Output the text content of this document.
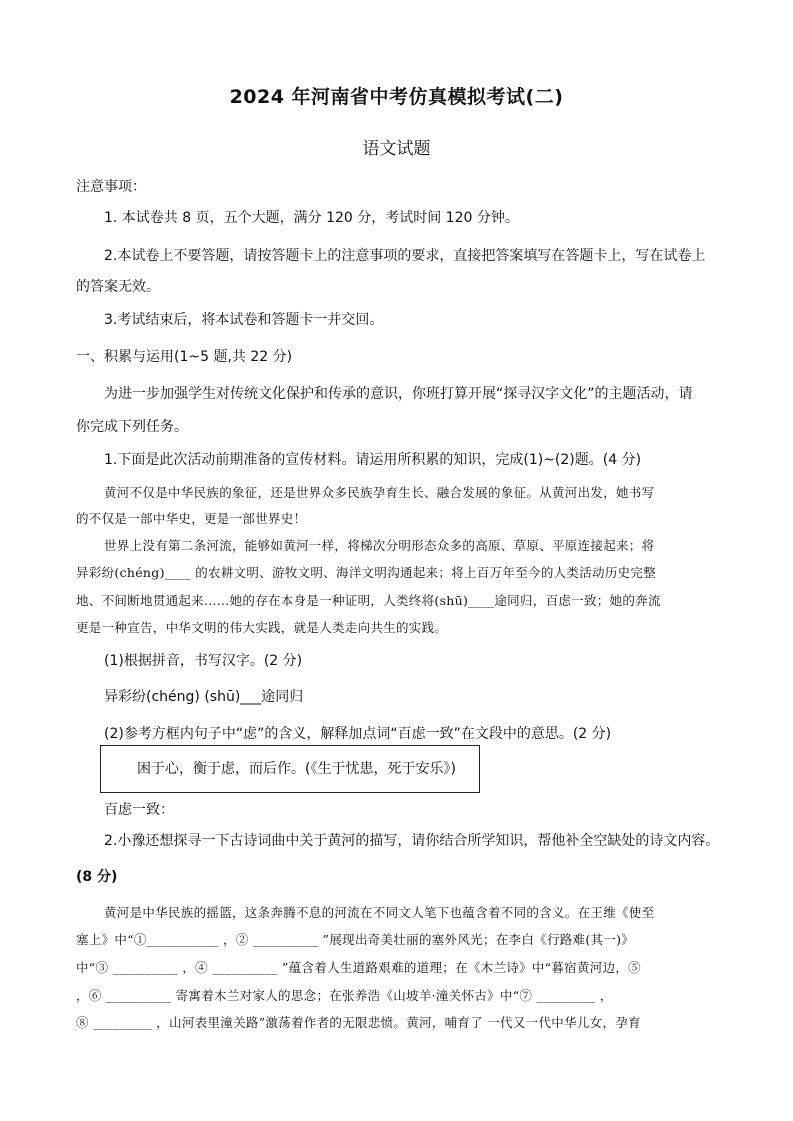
2024 年河南省中考仿真模拟考试(二)
语文试题
注意事项：
1. 本试卷共 8 页，五个大题，满分 120 分，考试时间 120 分钟。
2.本试卷上不要答题，请按答题卡上的注意事项的要求，直接把答案填写在答题卡上，写在试卷上
的答案无效。
3.考试结束后，将本试卷和答题卡一并交回。
一、积累与运用(1~5 题,共 22 分)
为进一步加强学生对传统文化保护和传承的意识，你班打算开展“探寻汉字文化”的主题活动，请
你完成下列任务。
1.下面是此次活动前期准备的宣传材料。请运用所积累的知识，完成(1)~(2)题。(4 分)
黄河不仅是中华民族的象征，还是世界众多民族孕育生长、融合发展的象征。从黄河出发，她书写
的不仅是一部中华史，更是一部世界史！
世界上没有第二条河流，能够如黄河一样，将梯次分明形态众多的高原、草原、平原连接起来；将
异彩纷(chéng)____ 的农耕文明、游牧文明、海洋文明沟通起来；将上百万年至今的人类活动历史完整
地、不间断地贯通起来……她的存在本身是一种证明，人类终将(shū)____途同归，百虑一致；她的奔流
更是一种宣告，中华文明的伟大实践，就是人类走向共生的实践。
(1)根据拼音，书写汉字。(2 分)
异彩纷(chéng) (shū)___途同归
(2)参考方框内句子中“虑”的含义，解释加点词“百虑一致”在文段中的意思。(2 分)
困于心，衡于虑，而后作。(《生于忧患，死于安乐》)
百虑一致：
2.小豫还想探寻一下古诗词曲中关于黄河的描写，请你结合所学知识，帮他补全空缺处的诗文内容。
(8 分)
黄河是中华民族的摇篮，这条奔腾不息的河流在不同文人笔下也蕴含着不同的含义。在王维《使至
塞上》中“①___________ ，② __________ ”展现出奇美壮丽的塞外风光；在李白《行路难(其一)》
中“③ __________ ，④ __________ ”蕴含着人生道路艰难的道理；在《木兰诗》中“暮宿黄河边，⑤
，⑥ __________ 寄寓着木兰对家人的思念；在张养浩《山坡羊·潼关怀古》中“⑦ _________ ，
⑧ _________ ，山河表里潼关路”激荡着作者的无限悲愤。黄河，哺育了 一代又一代中华儿女，孕育
